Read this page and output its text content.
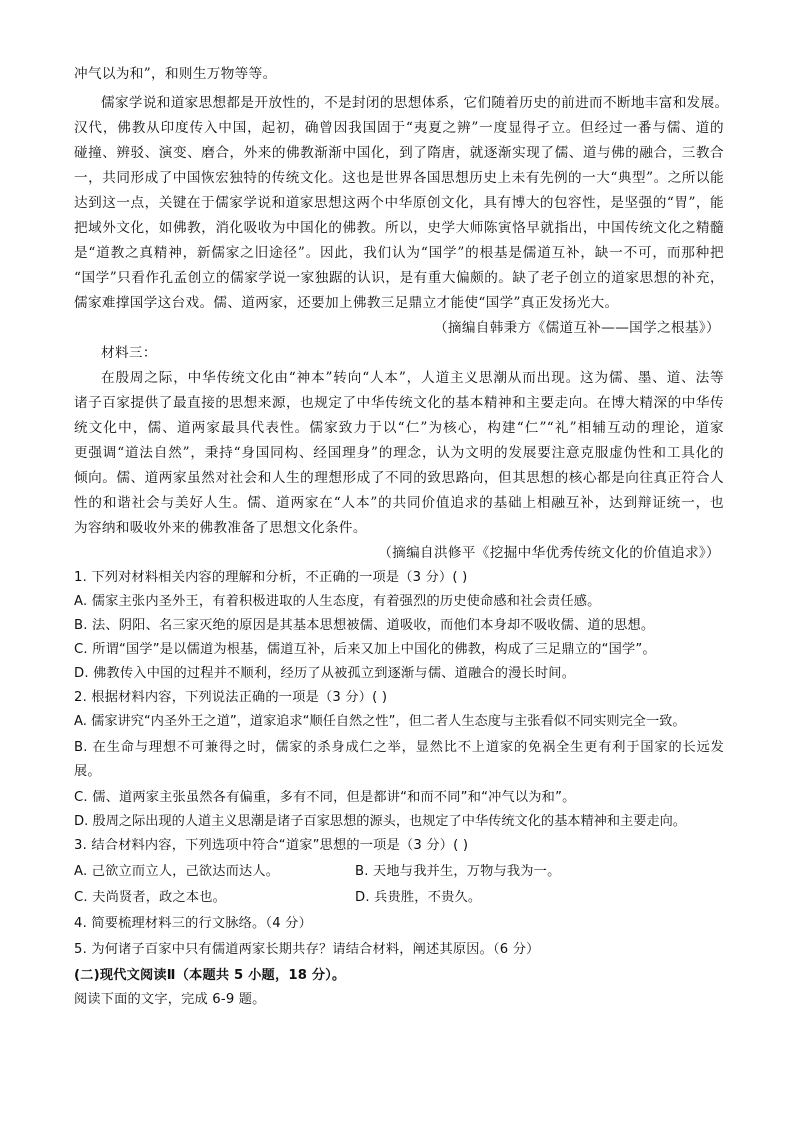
冲气以为和”，和则生万物等等。
儒家学说和道家思想都是开放性的，不是封闭的思想体系，它们随着历史的前进而不断地丰富和发展。
汉代，佛教从印度传入中国，起初，确曾因我国固于“夷夏之辨”一度显得孑立。但经过一番与儒、道的
碰撞、辨驳、演变、磨合，外来的佛教渐渐中国化，到了隋唐，就逐渐实现了儒、道与佛的融合，三教合
一，共同形成了中国恢宏独特的传统文化。这也是世界各国思想历史上未有先例的一大“典型”。之所以能
达到这一点，关键在于儒家学说和道家思想这两个中华原创文化，具有博大的包容性，是坚强的“胃”，能
把域外文化，如佛教，消化吸收为中国化的佛教。所以，史学大师陈寅恪早就指出，中国传统文化之精髓
是“道教之真精神，新儒家之旧途径”。因此，我们认为“国学”的根基是儒道互补，缺一不可，而那种把
“国学”只看作孔孟创立的儒家学说一家独踞的认识，是有重大偏颇的。缺了老子创立的道家思想的补充，
儒家难撑国学这台戏。儒、道两家，还要加上佛教三足鼎立才能使“国学”真正发扬光大。
（摘编自韩秉方《儒道互补——国学之根基》）
材料三：
在殷周之际，中华传统文化由“神本”转向“人本”，人道主义思潮从而出现。这为儒、墨、道、法等
诸子百家提供了最直接的思想来源，也规定了中华传统文化的基本精神和主要走向。在博大精深的中华传
统文化中，儒、道两家最具代表性。儒家致力于以“仁”为核心，构建“仁”“礼”相辅互动的理论，道家
更强调“道法自然”，秉持“身国同构、经国理身”的理念，认为文明的发展要注意克服虚伪性和工具化的
倾向。儒、道两家虽然对社会和人生的理想形成了不同的致思路向，但其思想的核心都是向往真正符合人
性的和谐社会与美好人生。儒、道两家在“人本”的共同价值追求的基础上相融互补，达到辩证统一，也
为容纳和吸收外来的佛教准备了思想文化条件。
（摘编自洪修平《挖掘中华优秀传统文化的价值追求》）
1. 下列对材料相关内容的理解和分析，不正确的一项是（3 分）( )
A. 儒家主张内圣外王，有着积极进取的人生态度，有着强烈的历史使命感和社会责任感。
B. 法、阴阳、名三家灭绝的原因是其基本思想被儒、道吸收，而他们本身却不吸收儒、道的思想。
C. 所谓“国学”是以儒道为根基，儒道互补，后来又加上中国化的佛教，构成了三足鼎立的“国学”。
D. 佛教传入中国的过程并不顺利，经历了从被孤立到逐渐与儒、道融合的漫长时间。
2. 根据材料内容，下列说法正确的一项是（3 分）( )
A. 儒家讲究“内圣外王之道”，道家追求“顺任自然之性”，但二者人生态度与主张看似不同实则完全一致。
B. 在生命与理想不可兼得之时，儒家的杀身成仁之举，显然比不上道家的免祸全生更有利于国家的长远发
展。
C. 儒、道两家主张虽然各有偏重，多有不同，但是都讲“和而不同”和“冲气以为和”。
D. 殷周之际出现的人道主义思潮是诸子百家思想的源头，也规定了中华传统文化的基本精神和主要走向。
3. 结合材料内容，下列选项中符合“道家”思想的一项是（3 分）( )
A. 己欲立而立人，己欲达而达人。	B. 天地与我并生，万物与我为一。
C. 夫尚贤者，政之本也。	D. 兵贵胜，不贵久。
4. 简要梳理材料三的行文脉络。（4 分）
5. 为何诸子百家中只有儒道两家长期共存？请结合材料，阐述其原因。（6 分）
(二)现代文阅读Ⅱ（本题共 5 小题，18 分）。
阅读下面的文字，完成 6-9 题。
